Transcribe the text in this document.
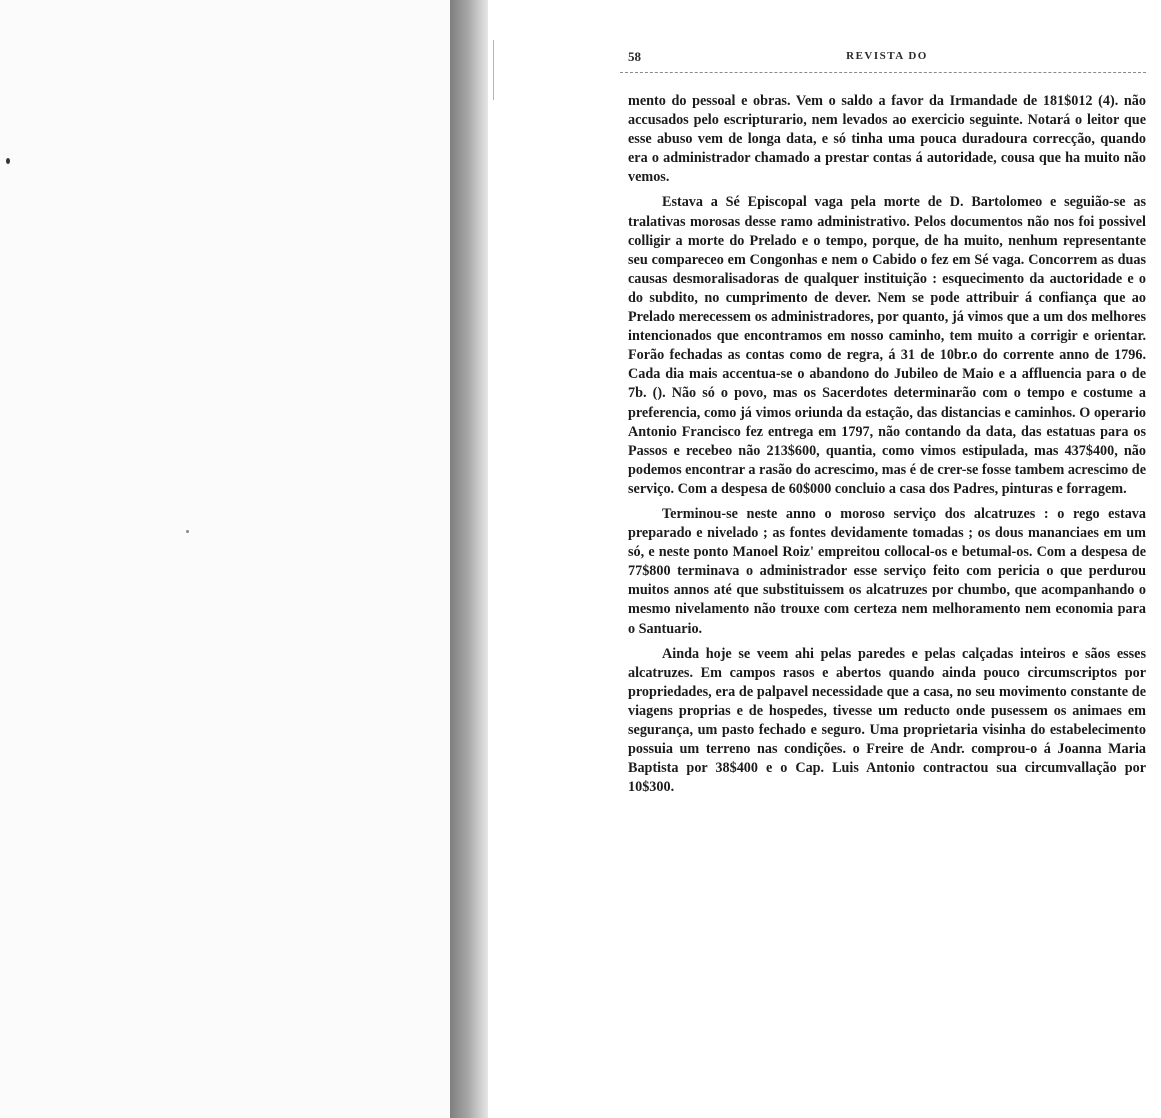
58	REVISTA DO

mento do pessoal e obras. Vem o saldo a favor da Irmandade de 181$012 (4). não accusados pelo escripturario, nem levados ao exercicio seguinte. Notará o leitor que esse abuso vem de longa data, e só tinha uma pouca duradoura correcção, quando era o administrador chamado a prestar contas á autoridade, cousa que ha muito não vemos.

Estava a Sé Episcopal vaga pela morte de D. Bartolomeo e seguião-se as tralativas morosas desse ramo administrativo. Pelos documentos não nos foi possivel colligir a morte do Prelado e o tempo, porque, de ha muito, nenhum representante seu compareceo em Congonhas e nem o Cabido o fez em Sé vaga. Concorrem as duas causas desmoralisadoras de qualquer instituição : esquecimento da auctoridade e o do subdito, no cumprimento de dever. Nem se pode attribuir á confiança que ao Prelado merecessem os administradores, por quanto, já vimos que a um dos melhores intencionados que encontramos em nosso caminho, tem muito a corrigir e orientar. Forão fechadas as contas como de regra, á 31 de 10br.o do corrente anno de 1796. Cada dia mais accentua-se o abandono do Jubileo de Maio e a affluencia para o de 7b. (). Não só o povo, mas os Sacerdotes determinarão com o tempo e costume a preferencia, como já vimos oriunda da estação, das distancias e caminhos. O operario Antonio Francisco fez entrega em 1797, não contando da data, das estatuas para os Passos e recebeo não 213$600, quantia, como vimos estipulada, mas 437$400, não podemos encontrar a rasão do acrescimo, mas é de crer-se fosse tambem acrescimo de serviço. Com a despesa de 60$000 concluio a casa dos Padres, pinturas e forragem.

Terminou-se neste anno o moroso serviço dos alcatruzes : o rego estava preparado e nivelado ; as fontes devidamente tomadas ; os dous mananciaes em um só, e neste ponto Manoel Roiz' empreitou collocal-os e betumal-os. Com a despesa de 77$800 terminava o administrador esse serviço feito com pericia o que perdurou muitos annos até que substituissem os alcatruzes por chumbo, que acompanhando o mesmo nivelamento não trouxe com certeza nem melhoramento nem economia para o Santuario.

Ainda hoje se veem ahi pelas paredes e pelas calçadas inteiros e sãos esses alcatruzes. Em campos rasos e abertos quando ainda pouco circumscriptos por propriedades, era de palpavel necessidade que a casa, no seu movimento constante de viagens proprias e de hospedes, tivesse um reducto onde pusessem os animaes em segurança, um pasto fechado e seguro. Uma proprietaria visinha do estabelecimento possuia um terreno nas condições. o Freire de Andr. comprou-o á Joanna Maria Baptista por 38$400 e o Cap. Luis Antonio contractou sua circumvallação por 10$300.
